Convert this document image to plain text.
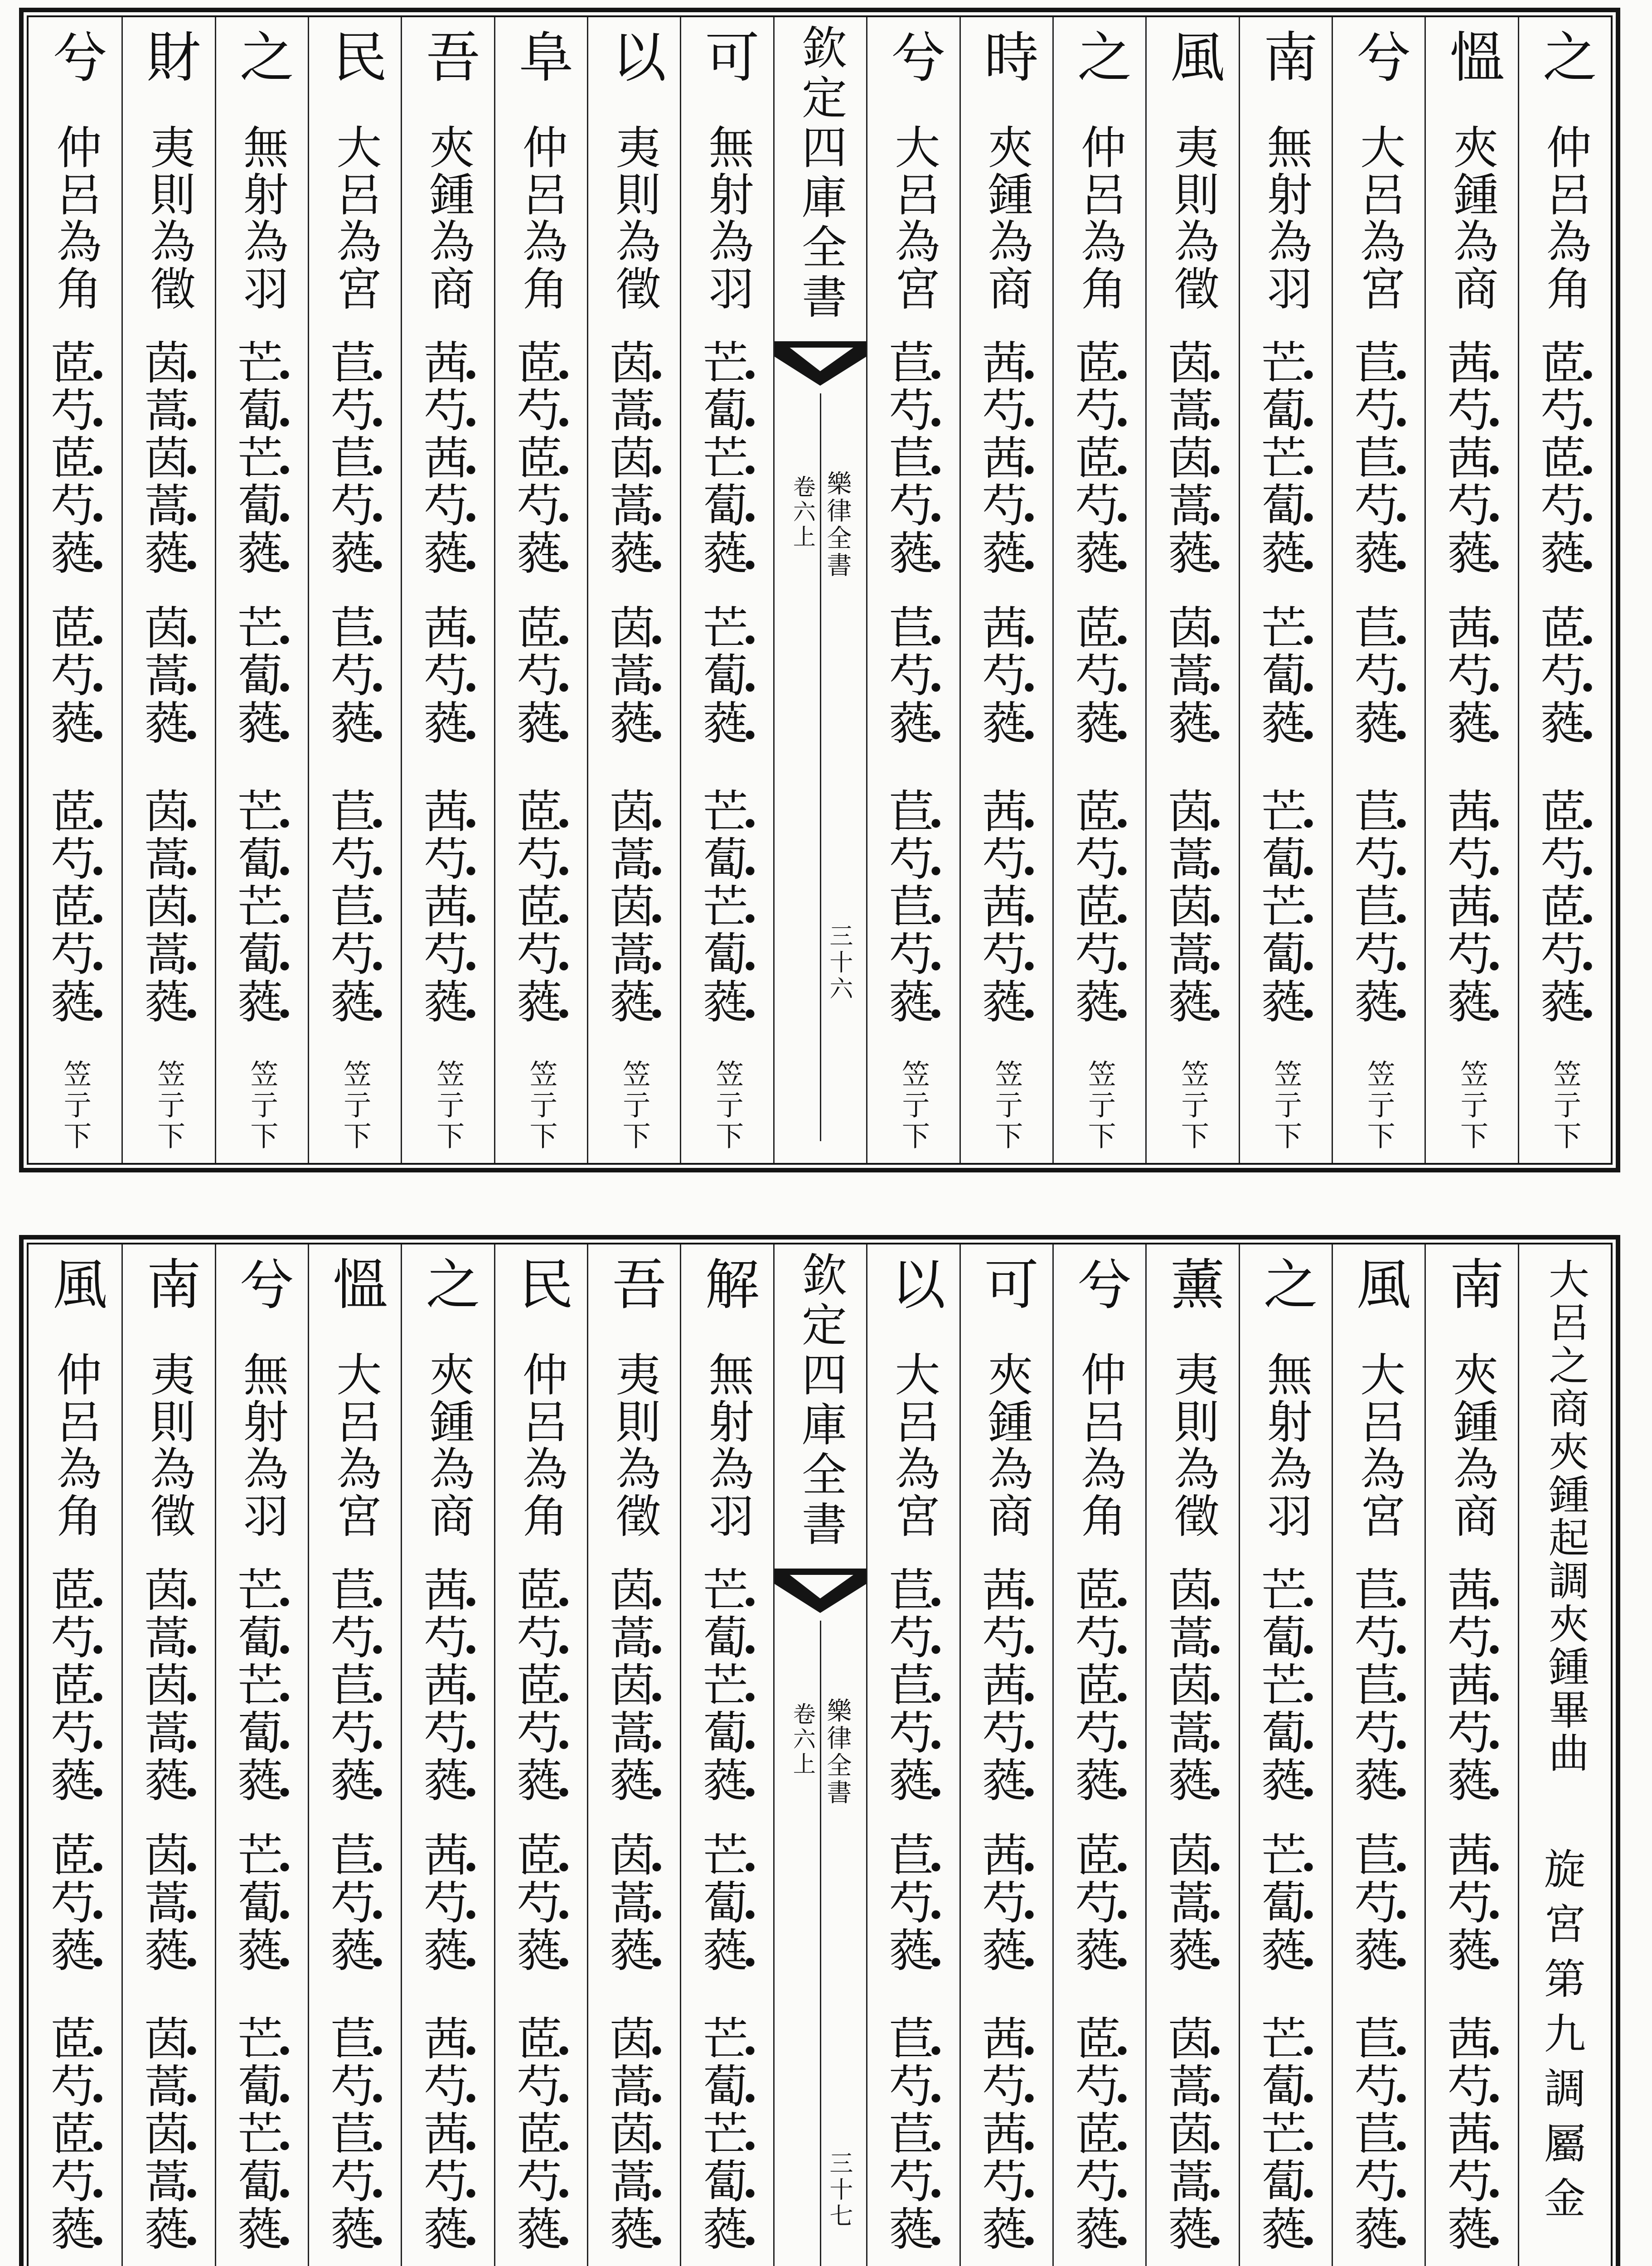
之
仲呂為角
茝芍茝芍蕤
茝芍蕤
茝芍茝芍蕤
笠亍下
慍
夾鍾為商
茜芍茜芍蕤
茜芍蕤
茜芍茜芍蕤
笠亍下
兮
大呂為宮
苣芍苣芍蕤
苣芍蕤
苣芍苣芍蕤
笠亍下
南
無射為羽
芒蔔芒蔔蕤
芒蔔蕤
芒蔔芒蔔蕤
笠亍下
風
夷則為徵
茵蒿茵蒿蕤
茵蒿蕤
茵蒿茵蒿蕤
笠亍下
之
仲呂為角
茝芍茝芍蕤
茝芍蕤
茝芍茝芍蕤
笠亍下
時
夾鍾為商
茜芍茜芍蕤
茜芍蕤
茜芍茜芍蕤
笠亍下
兮
大呂為宮
苣芍苣芍蕤
苣芍蕤
苣芍苣芍蕤
笠亍下
欽定四庫全書
樂律全書
卷六上
三十六
可
無射為羽
芒蔔芒蔔蕤
芒蔔蕤
芒蔔芒蔔蕤
笠亍下
以
夷則為徵
茵蒿茵蒿蕤
茵蒿蕤
茵蒿茵蒿蕤
笠亍下
阜
仲呂為角
茝芍茝芍蕤
茝芍蕤
茝芍茝芍蕤
笠亍下
吾
夾鍾為商
茜芍茜芍蕤
茜芍蕤
茜芍茜芍蕤
笠亍下
民
大呂為宮
苣芍苣芍蕤
苣芍蕤
苣芍苣芍蕤
笠亍下
之
無射為羽
芒蔔芒蔔蕤
芒蔔蕤
芒蔔芒蔔蕤
笠亍下
財
夷則為徵
茵蒿茵蒿蕤
茵蒿蕤
茵蒿茵蒿蕤
笠亍下
兮
仲呂為角
茝芍茝芍蕤
茝芍蕤
茝芍茝芍蕤
笠亍下
大呂之商夾鍾起調夾鍾畢曲
旋宮第九調屬金
南
夾鍾為商
茜芍茜芍蕤
茜芍蕤
茜芍茜芍蕤
風
大呂為宮
苣芍苣芍蕤
苣芍蕤
苣芍苣芍蕤
之
無射為羽
芒蔔芒蔔蕤
芒蔔蕤
芒蔔芒蔔蕤
薰
夷則為徵
茵蒿茵蒿蕤
茵蒿蕤
茵蒿茵蒿蕤
兮
仲呂為角
茝芍茝芍蕤
茝芍蕤
茝芍茝芍蕤
可
夾鍾為商
茜芍茜芍蕤
茜芍蕤
茜芍茜芍蕤
以
大呂為宮
苣芍苣芍蕤
苣芍蕤
苣芍苣芍蕤
欽定四庫全書
樂律全書
卷六上
三十七
解
無射為羽
芒蔔芒蔔蕤
芒蔔蕤
芒蔔芒蔔蕤
吾
夷則為徵
茵蒿茵蒿蕤
茵蒿蕤
茵蒿茵蒿蕤
民
仲呂為角
茝芍茝芍蕤
茝芍蕤
茝芍茝芍蕤
之
夾鍾為商
茜芍茜芍蕤
茜芍蕤
茜芍茜芍蕤
慍
大呂為宮
苣芍苣芍蕤
苣芍蕤
苣芍苣芍蕤
兮
無射為羽
芒蔔芒蔔蕤
芒蔔蕤
芒蔔芒蔔蕤
南
夷則為徵
茵蒿茵蒿蕤
茵蒿蕤
茵蒿茵蒿蕤
風
仲呂為角
茝芍茝芍蕤
茝芍蕤
茝芍茝芍蕤
